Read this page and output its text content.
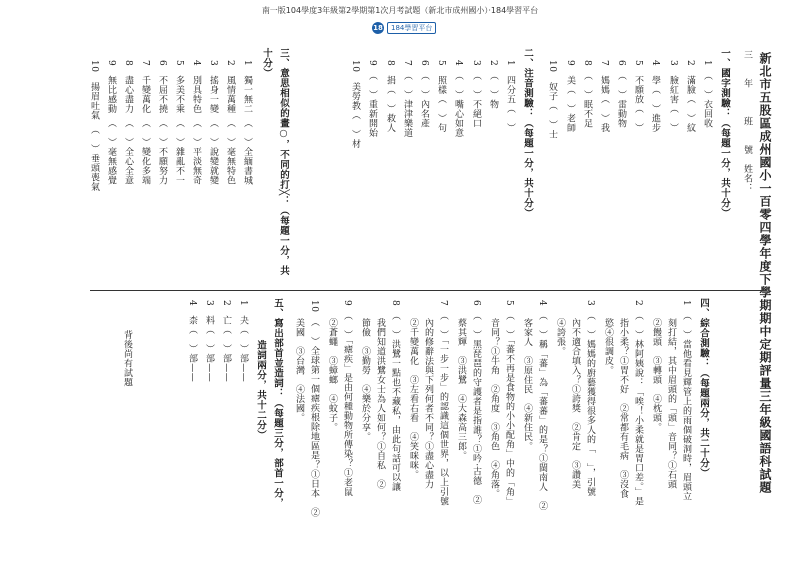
南一版104學度3年級第2學期第1次月考試題（新北市成州國小）‧184學習平台
18	184學習平台
新北市五股區成州國小一百零四學年度下學期期中定期評量三年級國語科試題
三　　年　　　班　　號　姓名：
一、國字測驗：（每題一分，共十分）
1　（　）衣回收
2　滿臉（　）紋
3　臉紅害（　）
4　學（　）進步
5　不願放（　）
6　（　）雷動物
7　媽媽（　）我
8　（　）眠不足
9　美（　）老師
10　奴子（　）士
二、注音測驗：（每題一分，共十分）
1　四分五（　）
2　（　）物
3　（　）不絕口
4　（　）嘴心如意
5　照樣（　）句
6　（　）內名產
7　（　）津津樂道
8　捐（　）救人
9　（　）重新開始
10　美勞教（　）材
三、意思相似的畫○，不同的打╳：（每題一分，共
十分）
1　獨一無二　（　）全緬書城
2　風情萬種　（　）毫無特色
3　搖身一變　（　）說變就變
4　別具特色　（　）平淡無奇
5　多美不乘　（　）雜亂不一
6　不屈不撓　（　）不願努力
7　千變萬化　（　）變化多端
8　盡心盡力　（　）全心全意
9　無比感動　（　）毫無感覺
10　揚眉吐氣　（　）垂頭喪氣
四、綜合測驗：（每題兩分，共二十分）
1　（　）當他看見輝管上的雨個破洞時，眉頭立
刻打結，其中眉頭的「頭」音同？①石頭
②饅頭　③轉頭　④枕頭。
2　（　）林阿姨說：「唉！小柔就是胃口差。」是
指小柔？①胃不好　②常都有毛病　③沒食
慾④很調皮。
3　（　）媽媽的廚藝獲得很多人的「　」，引號
內不適合填入？①誇獎　②肯定　③讚美
④誇張。
4　（　）稱「蕃」為「蕃蕃」的是？①閩南人　②
客家人　③原住民　④新住民。
5　（　）「蕃不再是食物的小小配角」中的「角」
音同？①牛角　②角度　③角色　④角落。
6　（　）黑琵琶的守護者是指誰？①吟‧古德　②
蔡其輝　③洪鷺　④大森高三郎。
7　（　）「一步一步」的認識這個世界，以上引號
內的修辭法與下列何者不同？①盡心盡力
②千變萬化　③左看右看　④笑咪咪。
8　（　）洪鷺一點也不藏私，由此句話可以讓
我們知道洪鷺女士為人如何？①自私　②
節儉　③勤勞　④樂於分享。
9　（　）「瘧疾」是由何種動物所傳染？①老鼠
②蒼蠅　③蟑螂　④蚊子。
10　（　）全球第一個瘧疾根除地區是？①日本　②
美國　③台灣　④法國。
五、寫出部首並造詞：（每題三分，部首一分，
造詞兩分，共十二分）
1　夬（　）部——
2　亡（　）部——
3　料（　）部——
4　柰（　）部——
背後尚有試題
